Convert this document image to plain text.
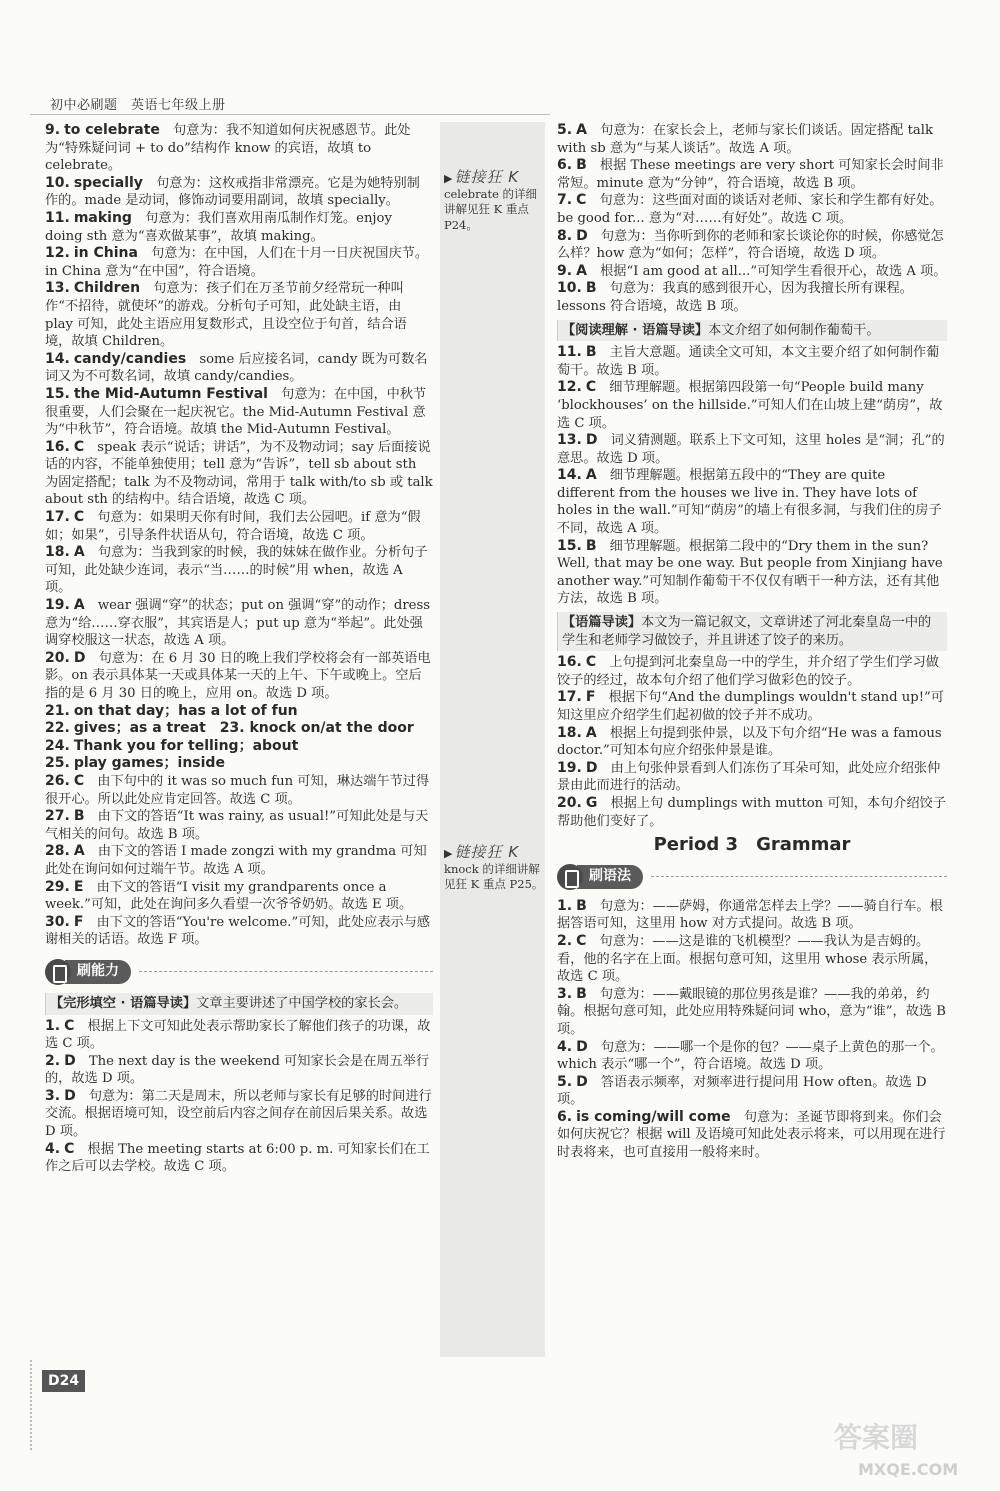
初中必刷题　英语七年级上册
▶ 链接狂 K
celebrate 的详细讲解见狂 K 重点 P24。
▶ 链接狂 K
knock 的详细讲解见狂 K 重点 P25。

9. to celebrate　句意为：我不知道如何庆祝感恩节。此处为“特殊疑问词 + to do”结构作 know 的宾语，故填 to celebrate。

10. specially　句意为：这枚戒指非常漂亮。它是为她特别制作的。made 是动词，修饰动词要用副词，故填 specially。

11. making　句意为：我们喜欢用南瓜制作灯笼。enjoy doing sth 意为“喜欢做某事”，故填 making。

12. in China　句意为：在中国，人们在十月一日庆祝国庆节。in China 意为“在中国”，符合语境。

13. Children　句意为：孩子们在万圣节前夕经常玩一种叫作“不招待，就使坏”的游戏。分析句子可知，此处缺主语，由 play 可知，此处主语应用复数形式，且设空位于句首，结合语境，故填 Children。

14. candy/candies　some 后应接名词，candy 既为可数名词又为不可数名词，故填 candy/candies。

15. the Mid-Autumn Festival　句意为：在中国，中秋节很重要，人们会聚在一起庆祝它。the Mid-Autumn Festival 意为“中秋节”，符合语境。故填 the Mid-Autumn Festival。

16. C　speak 表示“说话；讲话”，为不及物动词；say 后面接说话的内容，不能单独使用；tell 意为“告诉”，tell sb about sth 为固定搭配；talk 为不及物动词，常用于 talk with/to sb 或 talk about sth 的结构中。结合语境，故选 C 项。

17. C　句意为：如果明天你有时间，我们去公园吧。if 意为“假如；如果”，引导条件状语从句，符合语境，故选 C 项。

18. A　句意为：当我到家的时候，我的妹妹在做作业。分析句子可知，此处缺少连词，表示“当……的时候”用 when，故选 A 项。

19. A　wear 强调“穿”的状态；put on 强调“穿”的动作；dress 意为“给……穿衣服”，其宾语是人；put up 意为“举起”。此处强调穿校服这一状态，故选 A 项。

20. D　句意为：在 6 月 30 日的晚上我们学校将会有一部英语电影。on 表示具体某一天或具体某一天的上午、下午或晚上。空后指的是 6 月 30 日的晚上，应用 on。故选 D 项。

21. on that day；has a lot of fun

22. gives；as a treat　23. knock on/at the door

24. Thank you for telling；about

25. play games；inside

26. C　由下句中的 it was so much fun 可知，琳达端午节过得很开心。所以此处应肯定回答。故选 C 项。

27. B　由下文的答语“It was rainy, as usual!”可知此处是与天气相关的问句。故选 B 项。

28. A　由下文的答语 I made zongzi with my grandma 可知此处在询问如何过端午节。故选 A 项。

29. E　由下文的答语“I visit my grandparents once a week.”可知，此处在询问多久看望一次爷爷奶奶。故选 E 项。

30. F　由下文的答语“You're welcome.”可知，此处应表示与感谢相关的话语。故选 F 项。

刷能力
【完形填空 · 语篇导读】文章主要讲述了中国学校的家长会。

1. C　根据上下文可知此处表示帮助家长了解他们孩子的功课，故选 C 项。

2. D　The next day is the weekend 可知家长会是在周五举行的，故选 D 项。

3. D　句意为：第二天是周末，所以老师与家长有足够的时间进行交流。根据语境可知，设空前后内容之间存在前因后果关系。故选 D 项。

4. C　根据 The meeting starts at 6:00 p. m. 可知家长们在工作之后可以去学校。故选 C 项。

5. A　句意为：在家长会上，老师与家长们谈话。固定搭配 talk with sb 意为“与某人谈话”。故选 A 项。

6. B　根据 These meetings are very short 可知家长会时间非常短。minute 意为“分钟”，符合语境，故选 B 项。

7. C　句意为：这些面对面的谈话对老师、家长和学生都有好处。be good for... 意为“对……有好处”。故选 C 项。

8. D　句意为：当你听到你的老师和家长谈论你的时候，你感觉怎么样？how 意为“如何；怎样”，符合语境，故选 D 项。

9. A　根据“I am good at all...”可知学生看很开心，故选 A 项。

10. B　句意为：我真的感到很开心，因为我擅长所有课程。lessons 符合语境，故选 B 项。

【阅读理解 · 语篇导读】本文介绍了如何制作葡萄干。

11. B　主旨大意题。通读全文可知，本文主要介绍了如何制作葡萄干。故选 B 项。

12. C　细节理解题。根据第四段第一句“People build many ‘blockhouses’ on the hillside.”可知人们在山坡上建“荫房”，故选 C 项。

13. D　词义猜测题。联系上下文可知，这里 holes 是“洞；孔”的意思。故选 D 项。

14. A　细节理解题。根据第五段中的“They are quite different from the houses we live in. They have lots of holes in the wall.”可知“荫房”的墙上有很多洞，与我们住的房子不同，故选 A 项。

15. B　细节理解题。根据第二段中的“Dry them in the sun? Well, that may be one way. But people from Xinjiang have another way.”可知制作葡萄干不仅仅有晒干一种方法，还有其他方法，故选 B 项。

【语篇导读】本文为一篇记叙文，文章讲述了河北秦皇岛一中的学生和老师学习做饺子，并且讲述了饺子的来历。

16. C　上句提到河北秦皇岛一中的学生，并介绍了学生们学习做饺子的经过，故本句介绍了他们学习做彩色的饺子。

17. F　根据下句“And the dumplings wouldn't stand up!”可知这里应介绍学生们起初做的饺子并不成功。

18. A　根据上句提到张仲景，以及下句介绍“He was a famous doctor.”可知本句应介绍张仲景是谁。

19. D　由上句张仲景看到人们冻伤了耳朵可知，此处应介绍张仲景由此而进行的活动。

20. G　根据上句 dumplings with mutton 可知，本句介绍饺子帮助他们变好了。

Period 3　Grammar
刷语法

1. B　句意为：——萨姆，你通常怎样去上学？——骑自行车。根据答语可知，这里用 how 对方式提问。故选 B 项。

2. C　句意为：——这是谁的飞机模型？——我认为是吉姆的。看，他的名字在上面。根据句意可知，这里用 whose 表示所属，故选 C 项。

3. B　句意为：——戴眼镜的那位男孩是谁？——我的弟弟，约翰。根据句意可知，此处应用特殊疑问词 who，意为“谁”，故选 B 项。

4. D　句意为：——哪一个是你的包？——桌子上黄色的那一个。which 表示“哪一个”，符合语境。故选 D 项。

5. D　答语表示频率，对频率进行提问用 How often。故选 D 项。

6. is coming/will come　句意为：圣诞节即将到来。你们会如何庆祝它？根据 will 及语境可知此处表示将来，可以用现在进行时表将来，也可直接用一般将来时。

D24
答案圈
MXQE.COM
